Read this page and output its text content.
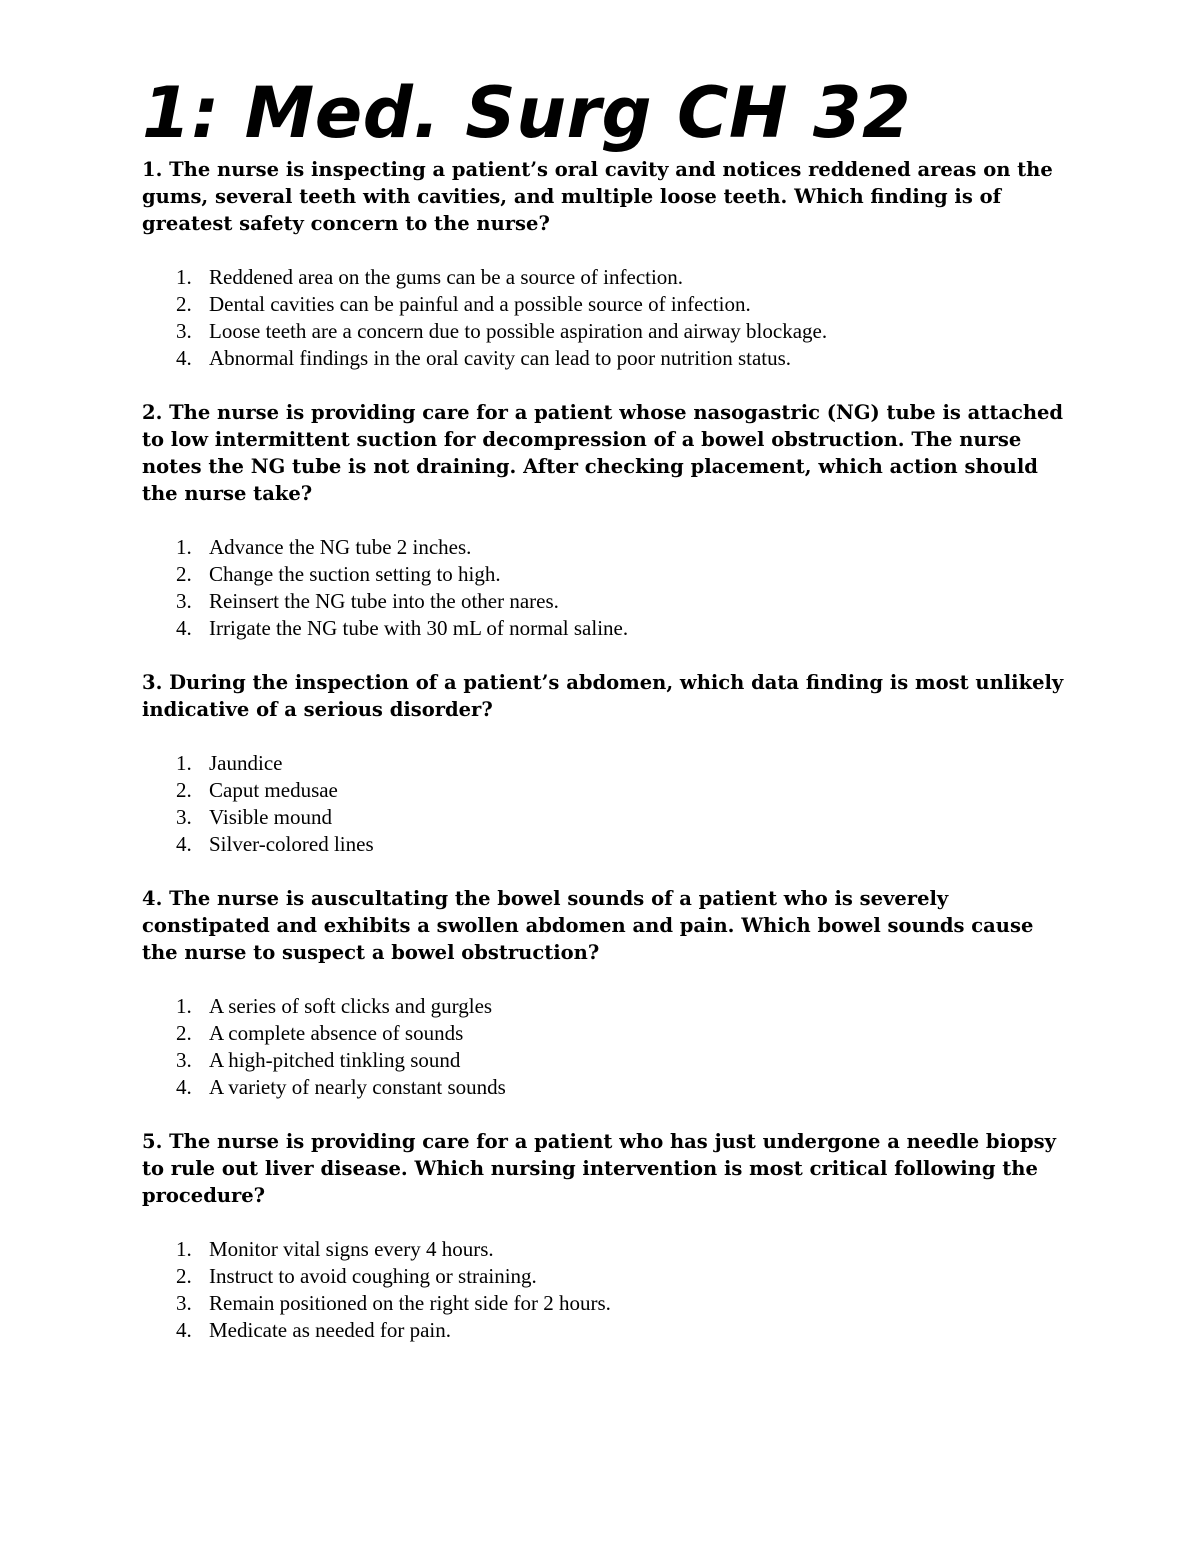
1: Med. Surg CH 32

1. The nurse is inspecting a patient’s oral cavity and notices reddened areas on the gums, several teeth with cavities, and multiple loose teeth. Which finding is of greatest safety concern to the nurse?

1. Reddened area on the gums can be a source of infection.
2. Dental cavities can be painful and a possible source of infection.
3. Loose teeth are a concern due to possible aspiration and airway blockage.
4. Abnormal findings in the oral cavity can lead to poor nutrition status.

2. The nurse is providing care for a patient whose nasogastric (NG) tube is attached to low intermittent suction for decompression of a bowel obstruction. The nurse notes the NG tube is not draining. After checking placement, which action should the nurse take?

1. Advance the NG tube 2 inches.
2. Change the suction setting to high.
3. Reinsert the NG tube into the other nares.
4. Irrigate the NG tube with 30 mL of normal saline.

3. During the inspection of a patient’s abdomen, which data finding is most unlikely indicative of a serious disorder?

1. Jaundice
2. Caput medusae
3. Visible mound
4. Silver-colored lines

4. The nurse is auscultating the bowel sounds of a patient who is severely constipated and exhibits a swollen abdomen and pain. Which bowel sounds cause the nurse to suspect a bowel obstruction?

1. A series of soft clicks and gurgles
2. A complete absence of sounds
3. A high-pitched tinkling sound
4. A variety of nearly constant sounds

5. The nurse is providing care for a patient who has just undergone a needle biopsy to rule out liver disease. Which nursing intervention is most critical following the procedure?

1. Monitor vital signs every 4 hours.
2. Instruct to avoid coughing or straining.
3. Remain positioned on the right side for 2 hours.
4. Medicate as needed for pain.
